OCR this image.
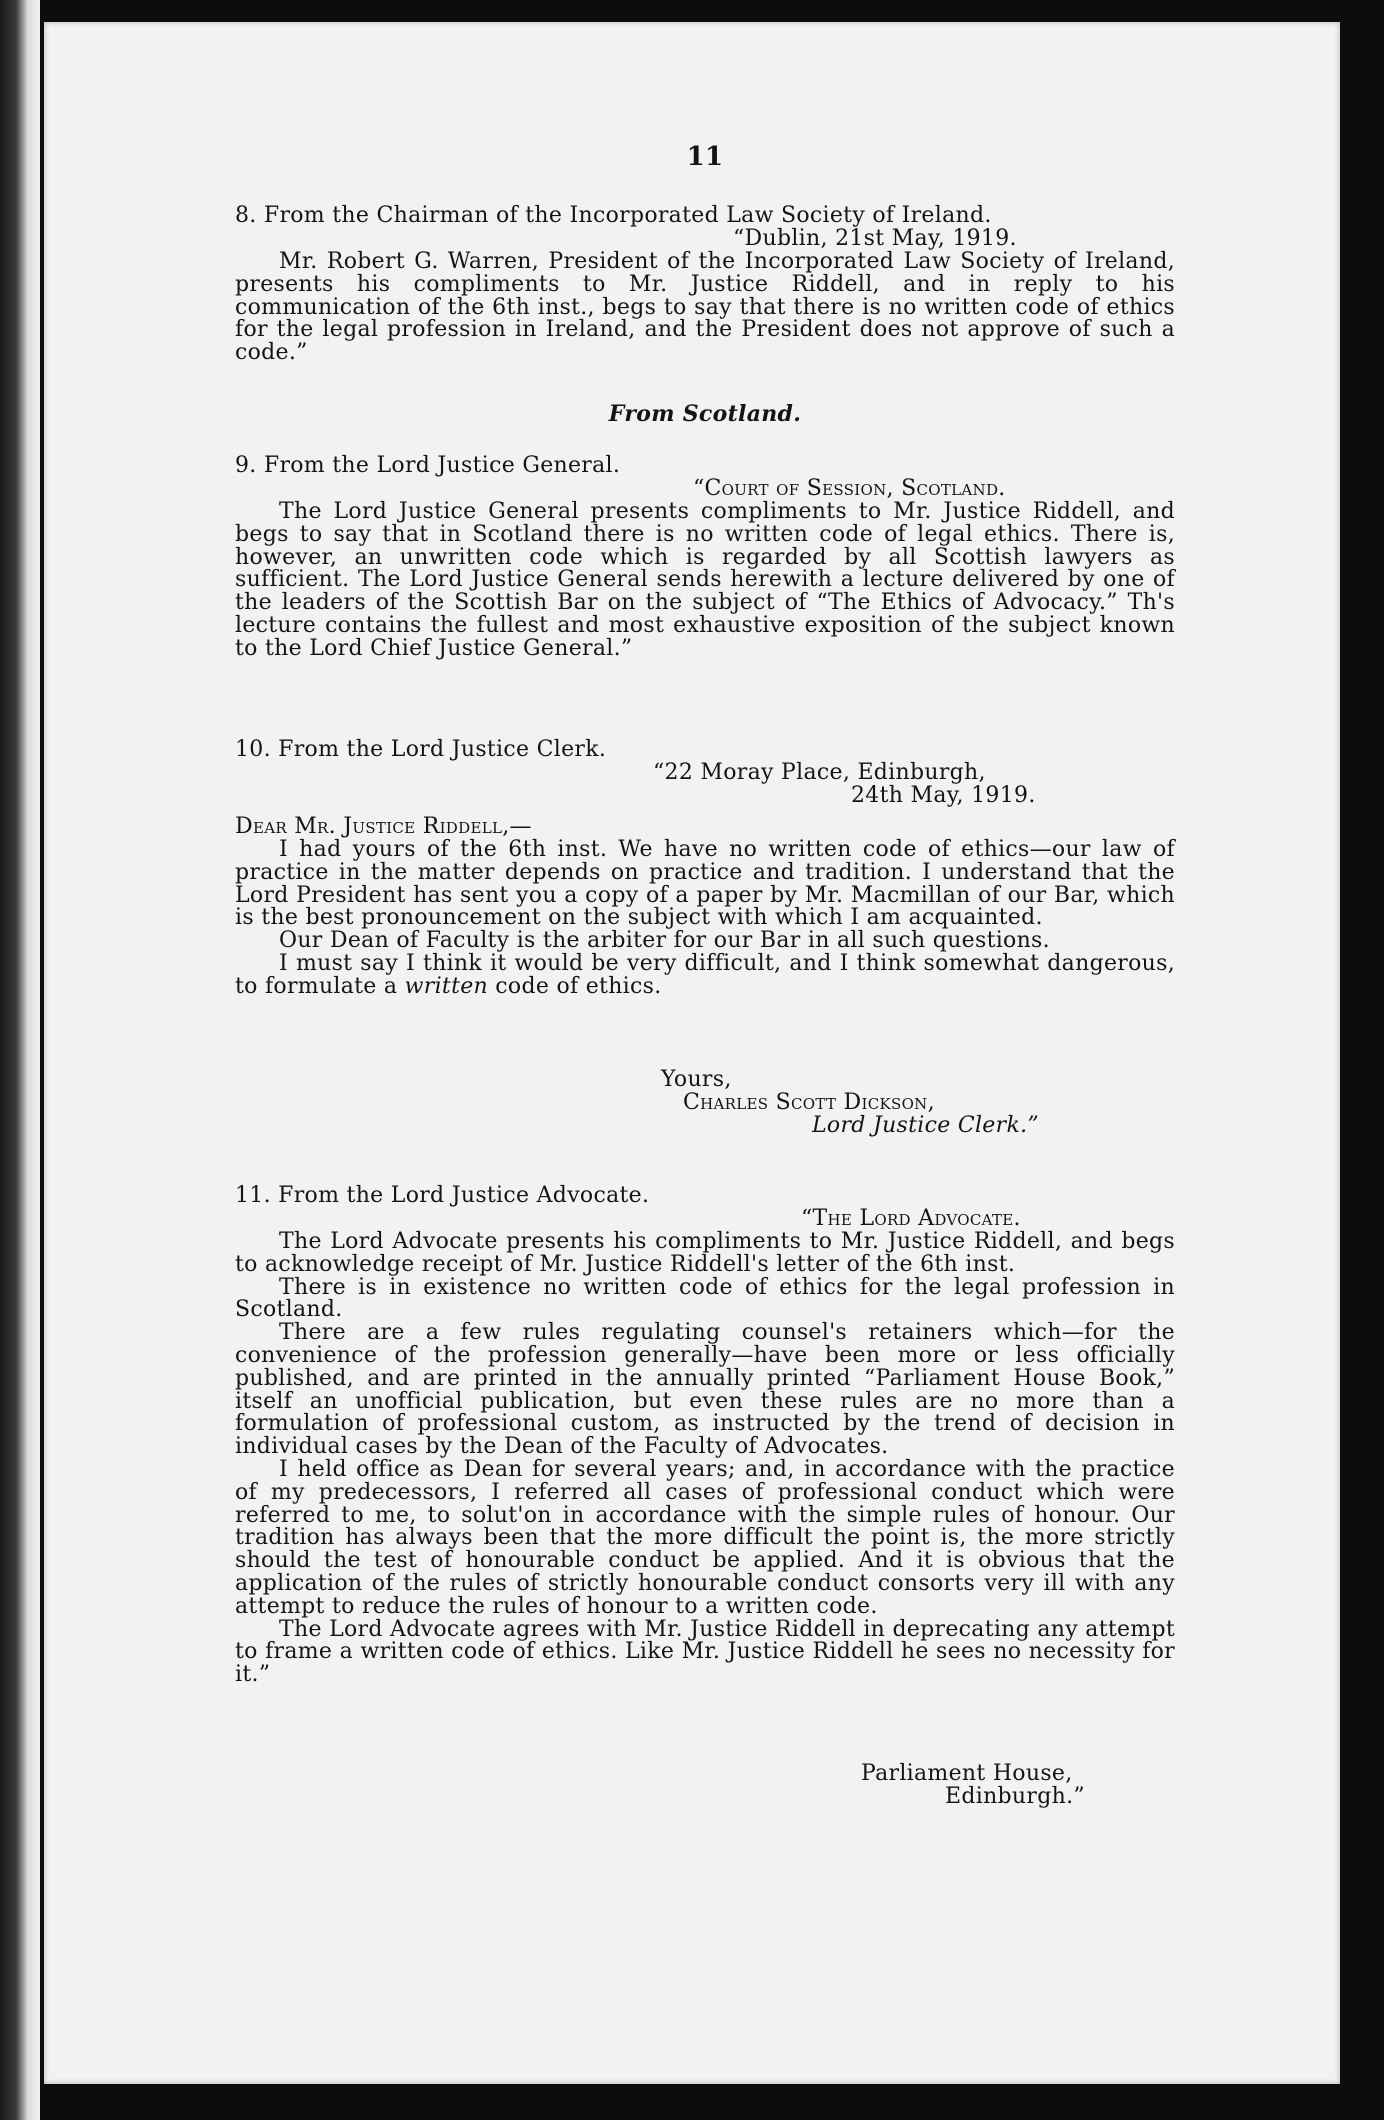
11
8. From the Chairman of the Incorporated Law Society of Ireland.
“Dublin, 21st May, 1919.

Mr. Robert G. Warren, President of the Incorporated Law Society of Ireland, presents his compliments to Mr. Justice Riddell, and in reply to his communication of the 6th inst., begs to say that there is no written code of ethics for the legal profession in Ireland, and the President does not approve of such a code.”

From Scotland.
9. From the Lord Justice General.
“Court of Session, Scotland.

The Lord Justice General presents compliments to Mr. Justice Riddell, and begs to say that in Scotland there is no written code of legal ethics. There is, however, an unwritten code which is regarded by all Scottish lawyers as sufficient. The Lord Justice General sends herewith a lecture delivered by one of the leaders of the Scottish Bar on the subject of “The Ethics of Advocacy.” Th's lecture contains the fullest and most exhaustive exposition of the subject known to the Lord Chief Justice General.”

10. From the Lord Justice Clerk.
“22 Moray Place, Edinburgh,
24th May, 1919.
Dear Mr. Justice Riddell,—

I had yours of the 6th inst. We have no written code of ethics—our law of practice in the matter depends on practice and tradition. I understand that the Lord President has sent you a copy of a paper by Mr. Macmillan of our Bar, which is the best pronouncement on the subject with which I am acquainted.

Our Dean of Faculty is the arbiter for our Bar in all such questions.

I must say I think it would be very difficult, and I think somewhat dangerous, to formulate a written code of ethics.

Yours,
Charles Scott Dickson,
Lord Justice Clerk.”
11. From the Lord Justice Advocate.
“The Lord Advocate.

The Lord Advocate presents his compliments to Mr. Justice Riddell, and begs to acknowledge receipt of Mr. Justice Riddell's letter of the 6th inst.

There is in existence no written code of ethics for the legal profession in Scotland.

There are a few rules regulating counsel's retainers which—for the convenience of the profession generally—have been more or less officially published, and are printed in the annually printed “Parliament House Book,” itself an unofficial publication, but even these rules are no more than a formulation of professional custom, as instructed by the trend of decision in individual cases by the Dean of the Faculty of Advocates.

I held office as Dean for several years; and, in accordance with the practice of my predecessors, I referred all cases of professional conduct which were referred to me, to solut'on in accordance with the simple rules of honour. Our tradition has always been that the more difficult the point is, the more strictly should the test of honourable conduct be applied. And it is obvious that the application of the rules of strictly honourable conduct consorts very ill with any attempt to reduce the rules of honour to a written code.

The Lord Advocate agrees with Mr. Justice Riddell in deprecating any attempt to frame a written code of ethics. Like Mr. Justice Riddell he sees no necessity for it.”

Parliament House,
Edinburgh.”
